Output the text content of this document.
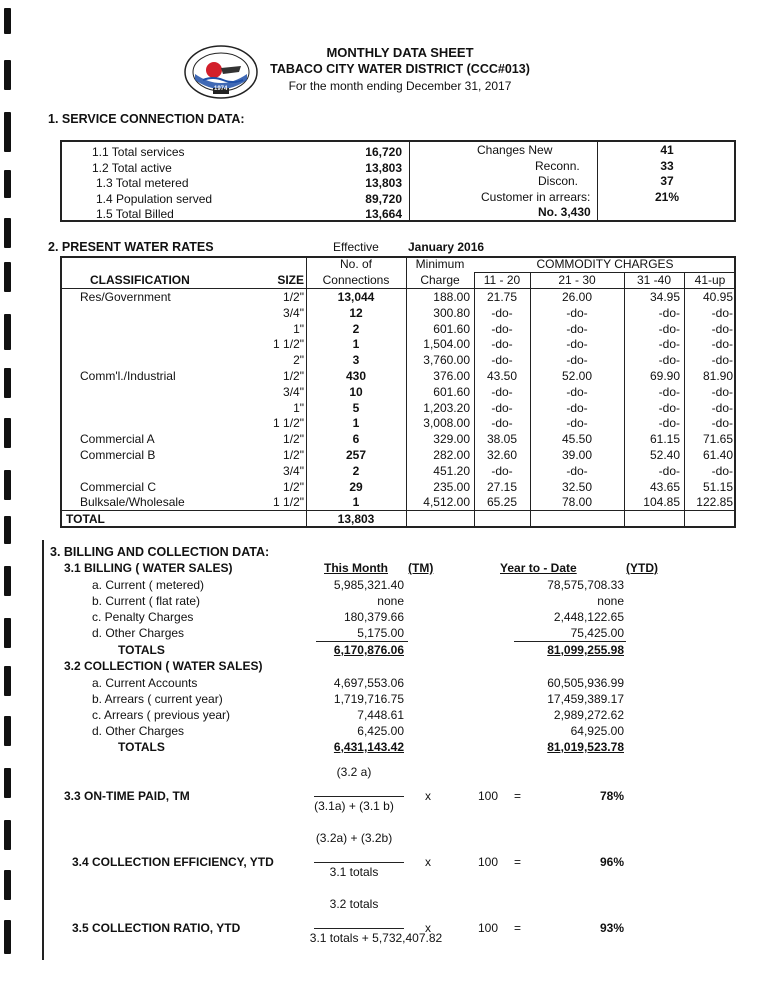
1974
MONTHLY DATA SHEET
TABACO CITY WATER DISTRICT (CCC#013)
For the month ending December 31, 2017
1. SERVICE CONNECTION DATA:
1.1 Total services	16,720
1.2 Total active	13,803
1.3 Total metered	13,803
1.4 Population served	89,720
1.5 Total Billed	13,664
Changes New	41
Reconn.	33
Discon.	37
Customer in arrears:	21%
No. 3,430
2. PRESENT WATER RATES	Effective January 2016
CLASSIFICATION	SIZE
No. of
Connections
Minimum
Charge
COMMODITY CHARGES
11 - 20	21 - 30	31 -40	41-up
Res/Government	1/2"	13,044	188.00	21.75	26.00	34.95	40.95
3/4"	12	300.80	-do-	-do-	-do-	-do-
1"	2	601.60	-do-	-do-	-do-	-do-
1 1/2"	1	1,504.00	-do-	-do-	-do-	-do-
2"	3	3,760.00	-do-	-do-	-do-	-do-
Comm'l./Industrial	1/2"	430	376.00	43.50	52.00	69.90	81.90
3/4"	10	601.60	-do-	-do-	-do-	-do-
1"	5	1,203.20	-do-	-do-	-do-	-do-
1 1/2"	1	3,008.00	-do-	-do-	-do-	-do-
Commercial A	1/2"	6	329.00	38.05	45.50	61.15	71.65
Commercial B	1/2"	257	282.00	32.60	39.00	52.40	61.40
3/4"	2	451.20	-do-	-do-	-do-	-do-
Commercial C	1/2"	29	235.00	27.15	32.50	43.65	51.15
Bulksale/Wholesale	1 1/2"	1	4,512.00	65.25	78.00	104.85	122.85
TOTAL	13,803
3. BILLING AND COLLECTION DATA:
3.1 BILLING ( WATER SALES)	This Month (TM)	Year to - Date	(YTD)
a. Current ( metered)	5,985,321.40	78,575,708.33
b. Current ( flat rate)	none	none
c. Penalty Charges	180,379.66	2,448,122.65
d. Other Charges	5,175.00	75,425.00
TOTALS	6,170,876.06	81,099,255.98
3.2 COLLECTION ( WATER SALES)
a. Current Accounts	4,697,553.06	60,505,936.99
b. Arrears ( current year)	1,719,716.75	17,459,389.17
c. Arrears ( previous year)	7,448.61	2,989,272.62
d. Other Charges	6,425.00	64,925.00
TOTALS	6,431,143.42	81,019,523.78
3.3 ON-TIME PAID, TM
(3.2 a)
(3.1a) + (3.1 b)
x	100 =	78%
3.4 COLLECTION EFFICIENCY, YTD
(3.2a) + (3.2b)
3.1 totals
x	100 =	96%
3.5 COLLECTION RATIO, YTD
3.2 totals
3.1 totals + 5,732,407.82
x	100 =	93%
